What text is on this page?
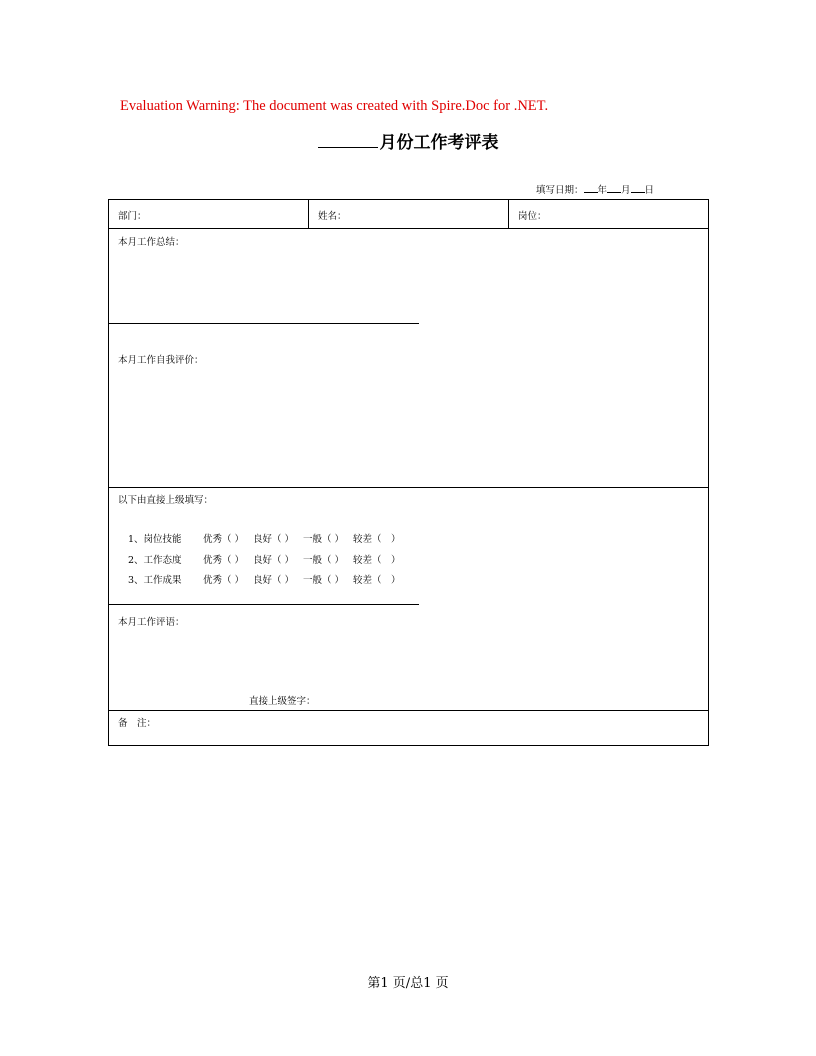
Evaluation Warning: The document was created with Spire.Doc for .NET.
月份工作考评表
填写日期： 年 月 日
部门：	姓名：	岗位：
本月工作总结：
本月工作自我评价：
以下由直接上级填写：
1、岗位技能 优秀（ ） 良好（ ） 一般（ ） 较差（　）
2、工作态度 优秀（ ） 良好（ ） 一般（ ） 较差（　）
3、工作成果 优秀（ ） 良好（ ） 一般（ ） 较差（　）
本月工作评语：
直接上级签字：
备　注：
第1 页/总1 页
